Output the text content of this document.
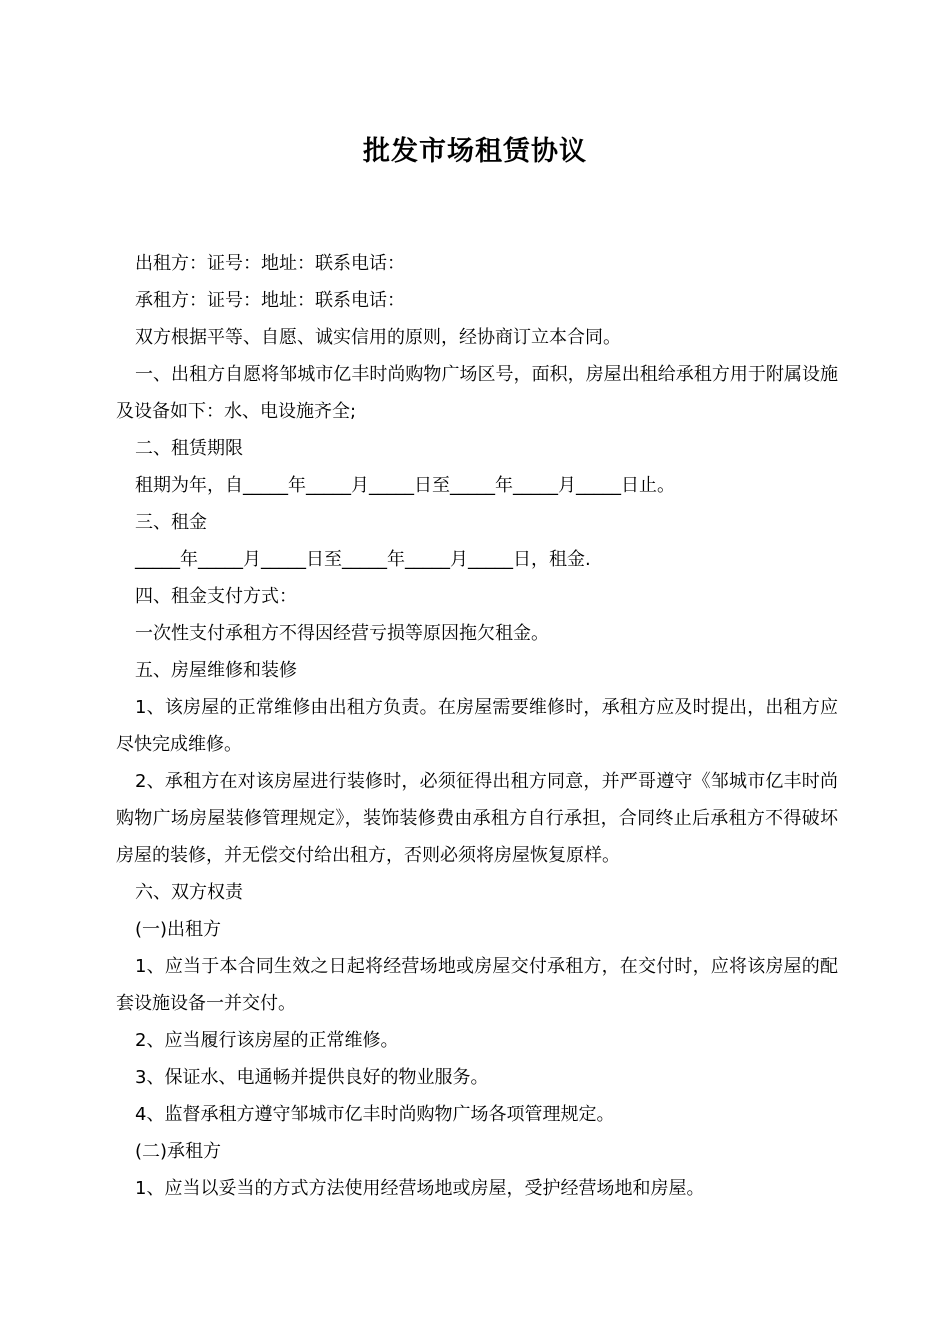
批发市场租赁协议

出租方：证号：地址：联系电话：

承租方：证号：地址：联系电话：

双方根据平等、自愿、诚实信用的原则，经协商订立本合同。

一、出租方自愿将邹城市亿丰时尚购物广场区号，面积，房屋出租给承租方用于附属设施及设备如下：水、电设施齐全;

二、租赁期限

租期为年，自_____年_____月_____日至_____年_____月_____日止。

三、租金

_____年_____月_____日至_____年_____月_____日，租金.

四、租金支付方式：

一次性支付承租方不得因经营亏损等原因拖欠租金。

五、房屋维修和装修

1、该房屋的正常维修由出租方负责。在房屋需要维修时，承租方应及时提出，出租方应尽快完成维修。

2、承租方在对该房屋进行装修时，必须征得出租方同意，并严哥遵守《邹城市亿丰时尚购物广场房屋装修管理规定》，装饰装修费由承租方自行承担，合同终止后承租方不得破坏房屋的装修，并无偿交付给出租方，否则必须将房屋恢复原样。

六、双方权责

(一)出租方

1、应当于本合同生效之日起将经营场地或房屋交付承租方，在交付时，应将该房屋的配套设施设备一并交付。

2、应当履行该房屋的正常维修。

3、保证水、电通畅并提供良好的物业服务。

4、监督承租方遵守邹城市亿丰时尚购物广场各项管理规定。

(二)承租方

1、应当以妥当的方式方法使用经营场地或房屋，受护经营场地和房屋。
